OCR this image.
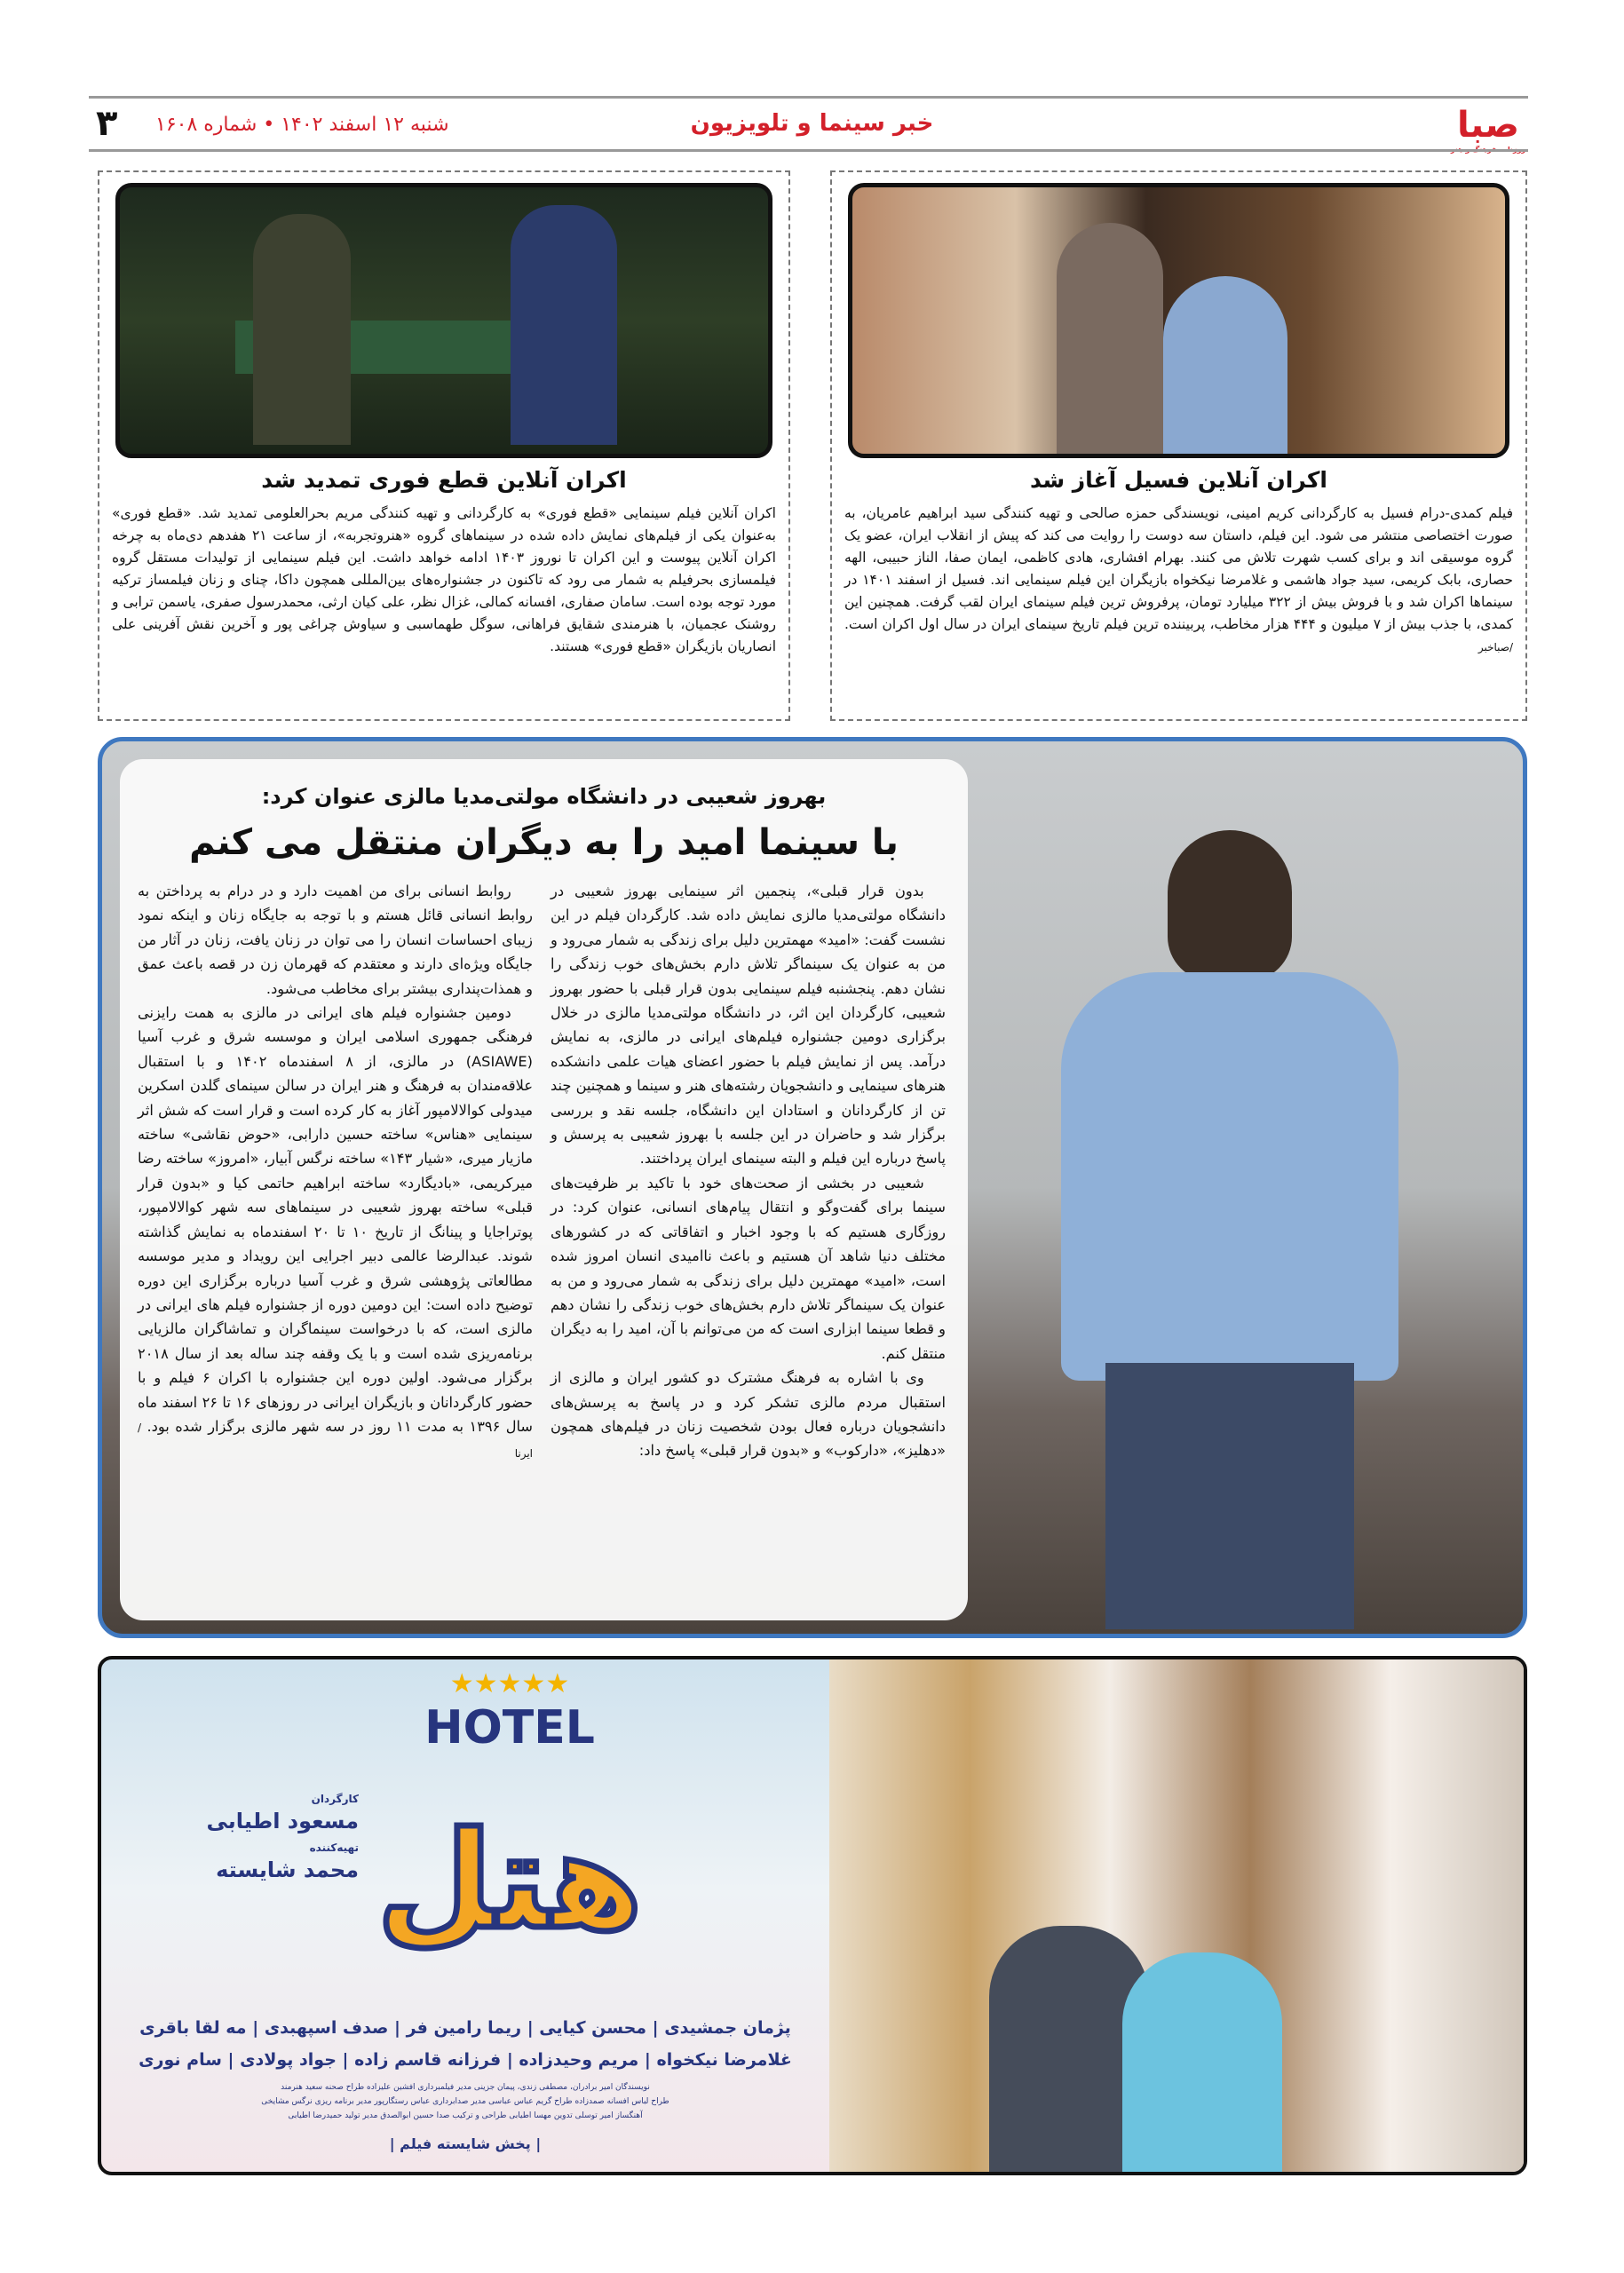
صبا
خبر سینما و تلویزیون
شنبه ۱۲ اسفند ۱۴۰۲ • شماره ۱۶۰۸
۳
اکران آنلاین فسیل آغاز شد

فیلم کمدی-درام فسیل به کارگردانی کریم امینی، نویسندگی حمزه صالحی و تهیه کنندگی سید ابراهیم عامریان، به صورت اختصاصی منتشر می شود. این فیلم، داستان سه دوست را روایت می کند که پیش از انقلاب ایران، عضو یک گروه موسیقی اند و برای کسب شهرت تلاش می کنند. بهرام افشاری، هادی کاظمی، ایمان صفا، الناز حبیبی، الهه حصاری، بابک کریمی، سید جواد هاشمی و غلامرضا نیکخواه بازیگران این فیلم سینمایی اند. فسیل از اسفند ۱۴۰۱ در سینماها اکران شد و با فروش بیش از ۳۲۲ میلیارد تومان، پرفروش ترین فیلم سینمای ایران لقب گرفت. همچنین این کمدی، با جذب بیش از ۷ میلیون و ۴۴۴ هزار مخاطب، پربیننده ترین فیلم تاریخ سینمای ایران در سال اول اکران است. /صباخبر

اکران آنلاین قطع فوری تمدید شد

اکران آنلاین فیلم سینمایی «قطع فوری» به کارگردانی و تهیه کنندگی مریم بحرالعلومی تمدید شد. «قطع فوری» به‌عنوان یکی از فیلم‌های نمایش داده شده در سینماهای گروه «هنروتجربه»، از ساعت ۲۱ هفدهم دی‌ماه به چرخه اکران آنلاین پیوست و این اکران تا نوروز ۱۴۰۳ ادامه خواهد داشت. این فیلم سینمایی از تولیدات مستقل گروه فیلمسازی بحرفیلم به شمار می رود که تاکنون در جشنواره‌های بین‌المللی همچون داکا، چنای و زنان فیلمساز ترکیه مورد توجه بوده است. سامان صفاری، افسانه کمالی، غزال نظر، علی کیان ارثی، محمدرسول صفری، یاسمن ترابی و روشنک عجمیان، با هنرمندی شقایق فراهانی، سوگل طهماسبی و سیاوش چراغی پور و آخرین نقش آفرینی علی انصاریان بازیگران «قطع فوری» هستند.

بهروز شعیبی در دانشگاه مولتی‌مدیا مالزی عنوان کرد:
با سینما امید را به دیگران منتقل می کنم

بدون قرار قبلی»، پنجمین اثر سینمایی بهروز شعیبی در دانشگاه مولتی‌مدیا مالزی نمایش داده شد. کارگردان فیلم در این نشست گفت: «امید» مهمترین دلیل برای زندگی به شمار می‌رود و من به عنوان یک سینماگر تلاش دارم بخش‌های خوب زندگی را نشان دهم. پنجشنبه فیلم سینمایی بدون قرار قبلی با حضور بهروز شعیبی، کارگردان این اثر، در دانشگاه مولتی‌مدیا مالزی در خلال برگزاری دومین جشنواره فیلم‌های ایرانی در مالزی، به نمایش درآمد. پس از نمایش فیلم با حضور اعضای هیات علمی دانشکده هنرهای سینمایی و دانشجویان رشته‌های هنر و سینما و همچنین چند تن از کارگردانان و استادان این دانشگاه، جلسه نقد و بررسی برگزار شد و حاضران در این جلسه با بهروز شعیبی به پرسش و پاسخ درباره این فیلم و البته سینمای ایران پرداختند.

شعیبی در بخشی از صحت‌های خود با تاکید بر ظرفیت‌های سینما برای گفت‌وگو و انتقال پیام‌های انسانی، عنوان کرد: در روزگاری هستیم که با وجود اخبار و اتفاقاتی که در کشورهای مختلف دنیا شاهد آن هستیم و باعث ناامیدی انسان امروز شده است، «امید» مهمترین دلیل برای زندگی به شمار می‌رود و من به عنوان یک سینماگر تلاش دارم بخش‌های خوب زندگی را نشان دهم و قطعا سینما ابزاری است که من می‌توانم با آن، امید را به دیگران منتقل کنم.

وی با اشاره به فرهنگ مشترک دو کشور ایران و مالزی از استقبال مردم مالزی تشکر کرد و در پاسخ به پرسش‌های دانشجویان درباره فعال بودن شخصیت زنان در فیلم‌های همچون «دهلیز»، «دارکوب» و «بدون قرار قبلی» پاسخ داد:

روابط انسانی برای من اهمیت دارد و در درام به پرداختن به روابط انسانی قائل هستم و با توجه به جایگاه زنان و اینکه نمود زیبای احساسات انسان را می توان در زنان یافت، زنان در آثار من جایگاه ویژه‌ای دارند و معتقدم که قهرمان زن در قصه باعث عمق و همذات‌پنداری بیشتر برای مخاطب می‌شود.

دومین جشنواره فیلم های ایرانی در مالزی به همت رایزنی فرهنگی جمهوری اسلامی ایران و موسسه شرق و غرب آسیا (ASIAWE) در مالزی، از ۸ اسفندماه ۱۴۰۲ و با استقبال علاقه‌مندان به فرهنگ و هنر ایران در سالن سینمای گلدن اسکرین میدولی کوالالامپور آغاز به کار کرده است و قرار است که شش اثر سینمایی «هناس» ساخته حسین دارابی، «حوض نقاشی» ساخته مازیار میری، «شیار ۱۴۳» ساخته نرگس آبیار، «امروز» ساخته رضا میرکریمی، «بادیگارد» ساخته ابراهیم حاتمی کیا و «بدون قرار قبلی» ساخته بهروز شعیبی در سینماهای سه شهر کوالالامپور، پوتراجایا و پینانگ از تاریخ ۱۰ تا ۲۰ اسفندماه به نمایش گذاشته شوند. عبدالرضا عالمی دبیر اجرایی این رویداد و مدیر موسسه مطالعاتی پژوهشی شرق و غرب آسیا درباره برگزاری این دوره توضیح داده است: این دومین دوره از جشنواره فیلم های ایرانی در مالزی است، که با درخواست سینماگران و تماشاگران مالزیایی برنامه‌ریزی شده است و با یک وقفه چند ساله بعد از سال ۲۰۱۸ برگزار می‌شود. اولین دوره این جشنواره با اکران ۶ فیلم و با حضور کارگردانان و بازیگران ایرانی در روزهای ۱۶ تا ۲۶ اسفند ماه سال ۱۳۹۶ به مدت ۱۱ روز در سه شهر مالزی برگزار شده بود. /ایرنا

★★★★★
HOTEL
هتل
کارگردان
مسعود اطیابی
تهیه‌کننده
محمد شایسته
پژمان جمشیدی | محسن کیایی | ریما رامین فر | صدف اسپهبدی | مه لقا باقری
غلامرضا نیکخواه | مریم وحیدزاده | فرزانه قاسم زاده | جواد پولادی | سام نوری
نویسندگان امیر برادران، مصطفی زندی، پیمان جزینی مدیر فیلمبرداری افشین علیزاده طراح صحنه سعید هنرمند
طراح لباس افسانه صمدزاده طراح گریم عباس عباسی مدیر صدابرداری عباس رستگارپور مدیر برنامه ریزی نرگس مشایخی
آهنگساز امیر توسلی تدوین مهسا اطیابی طراحی و ترکیب صدا حسین ابوالصدق مدیر تولید حمیدرضا اطیابی
| پخش شایسته فیلم |
